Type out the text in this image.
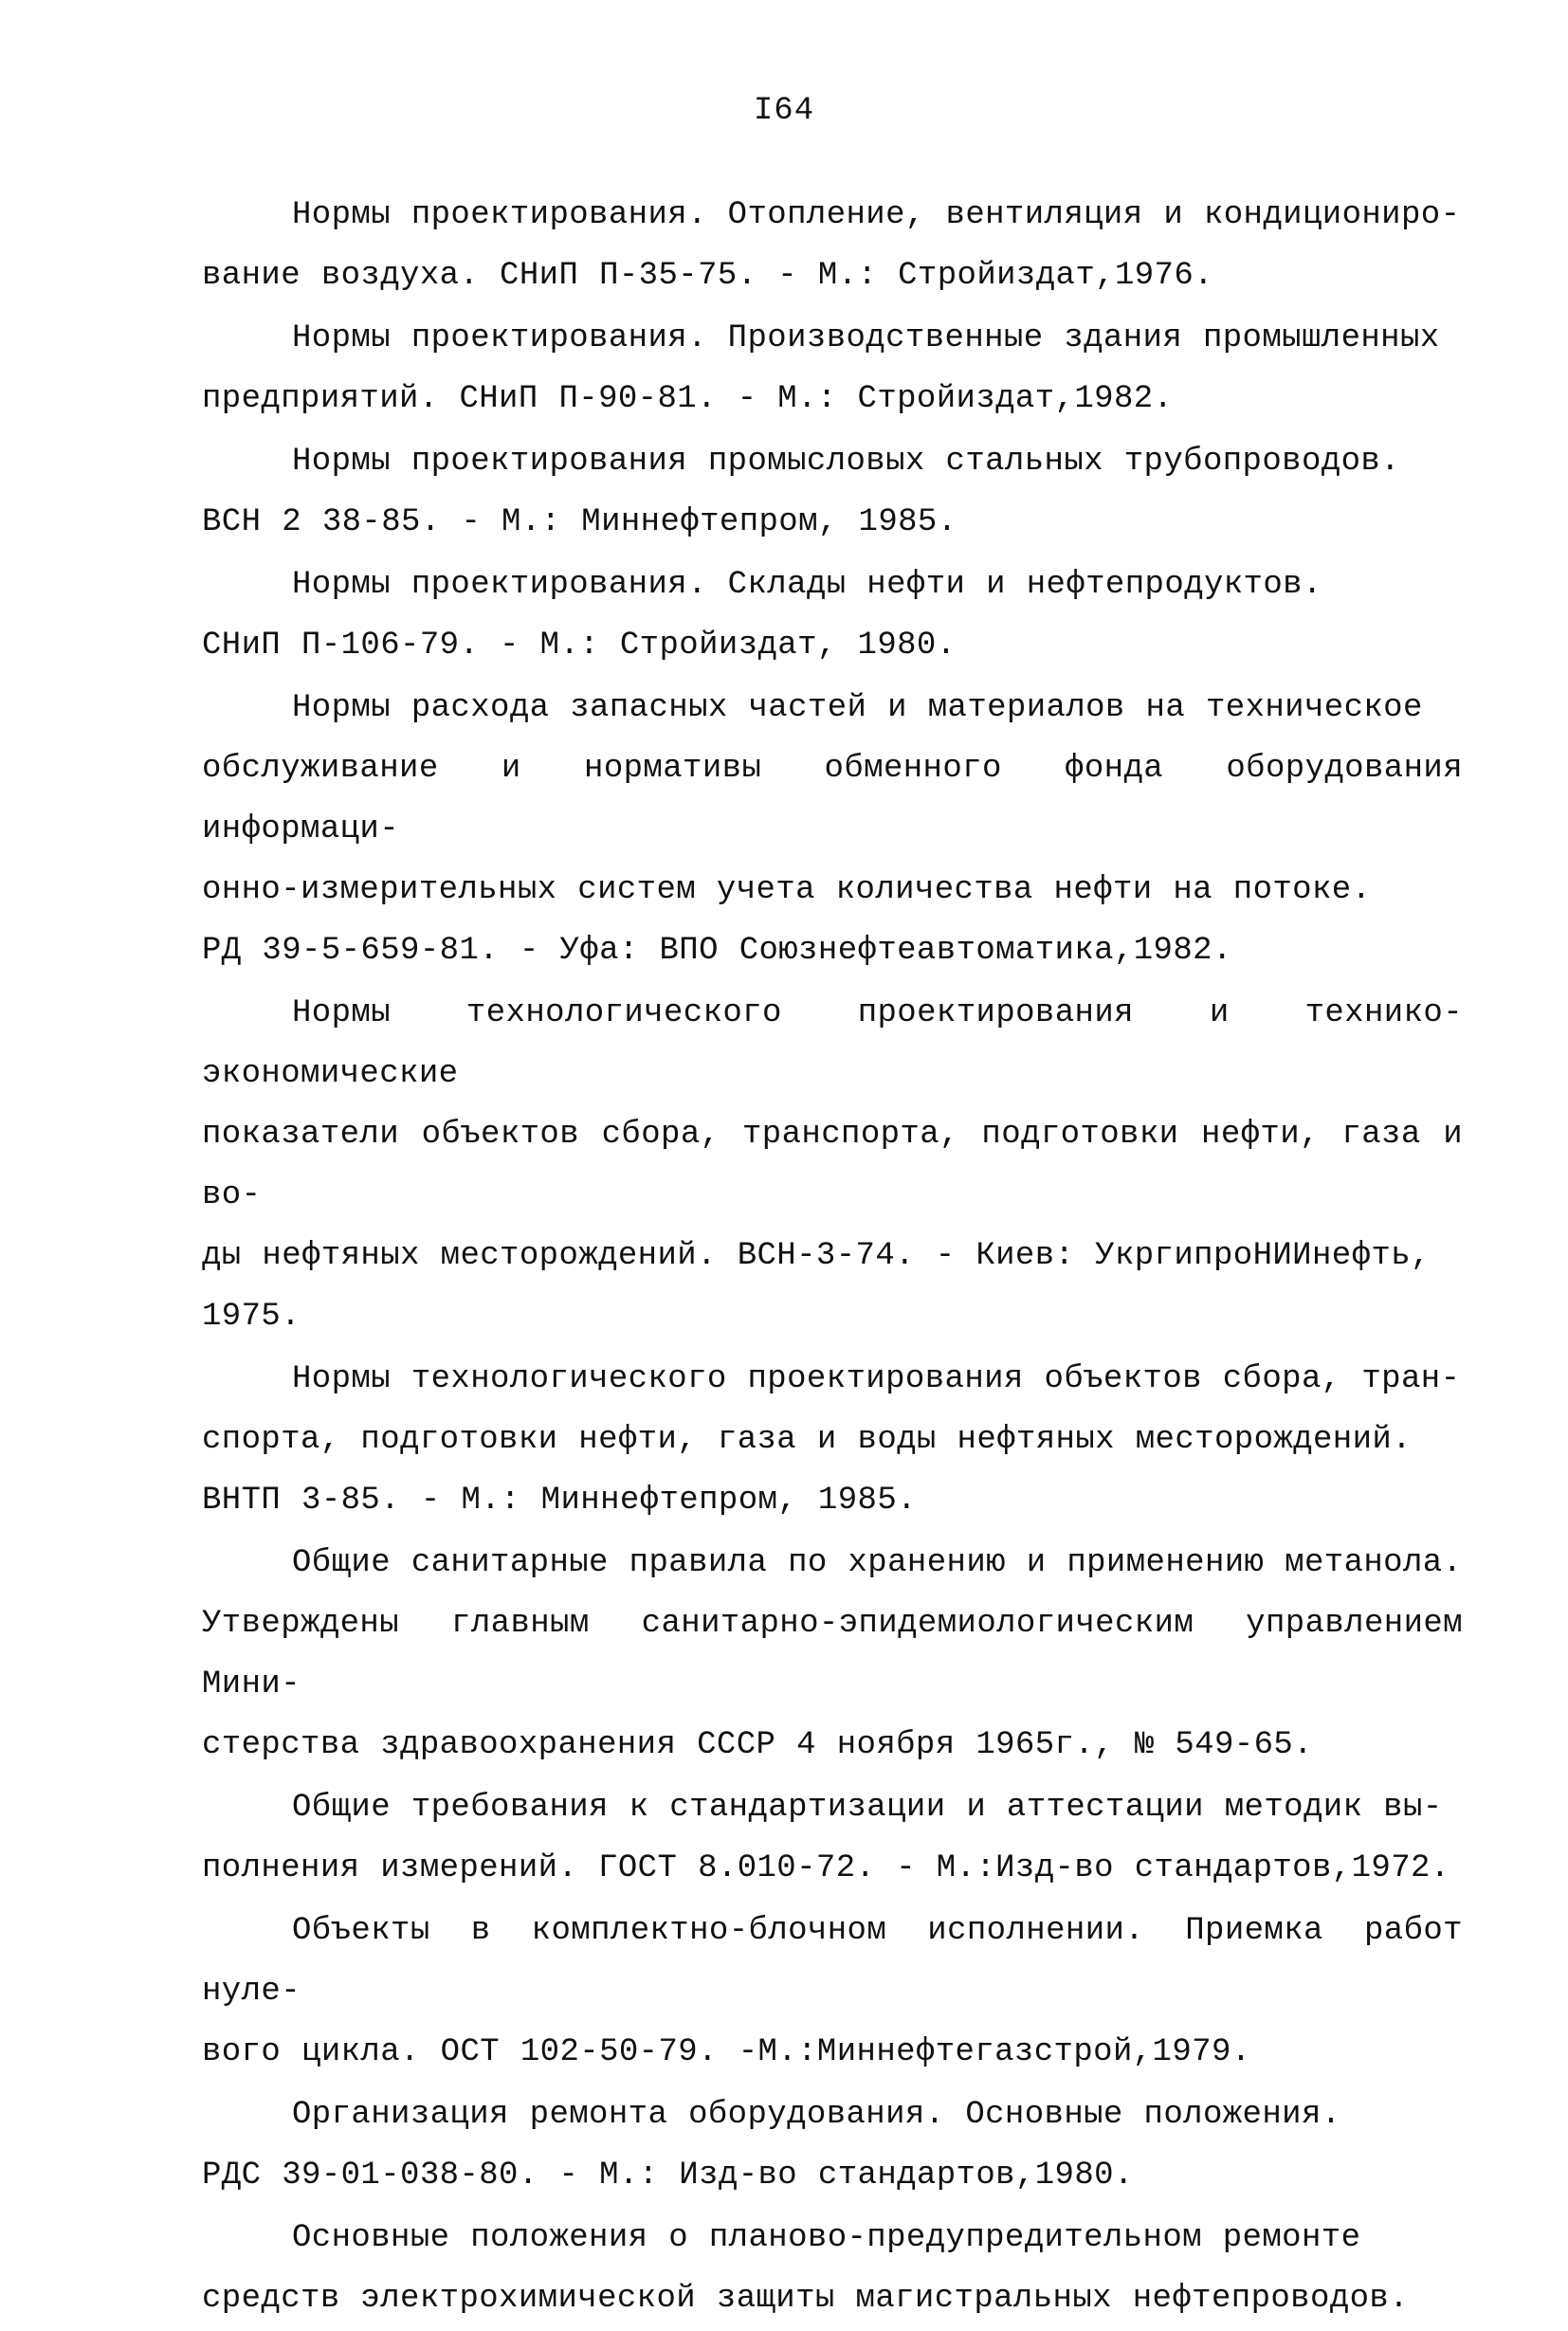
I64
Нормы проектирования. Отопление, вентиляция и кондициониро-
вание воздуха. СНиП П-35-75. - М.: Стройиздат,1976.
Нормы проектирования. Производственные здания промышленных
предприятий. СНиП П-90-81. - М.: Стройиздат,1982.
Нормы проектирования промысловых стальных трубопроводов.
ВСН 2 38-85. - М.: Миннефтепром, 1985.
Нормы проектирования. Склады нефти и нефтепродуктов.
СНиП П-106-79. - М.: Стройиздат, 1980.
Нормы расхода запасных частей и материалов на техническое
обслуживание и нормативы обменного фонда оборудования информаци-
онно-измерительных систем учета количества нефти на потоке.
РД 39-5-659-81. - Уфа: ВПО Союзнефтеавтоматика,1982.
Нормы технологического проектирования и технико-экономические
показатели объектов сбора, транспорта, подготовки нефти, газа и во-
ды нефтяных месторождений. ВСН-3-74. - Киев: УкргипроНИИнефть,
1975.
Нормы технологического проектирования объектов сбора, тран-
спорта, подготовки нефти, газа и воды нефтяных месторождений.
ВНТП 3-85. - М.: Миннефтепром, 1985.
Общие санитарные правила по хранению и применению метанола.
Утверждены главным санитарно-эпидемиологическим управлением Мини-
стерства здравоохранения СССР 4 ноября 1965г., № 549-65.
Общие требования к стандартизации и аттестации методик вы-
полнения измерений. ГОСТ 8.010-72. - М.:Изд-во стандартов,1972.
Объекты в комплектно-блочном исполнении. Приемка работ нуле-
вого цикла. ОСТ 102-50-79. -М.:Миннефтегазстрой,1979.
Организация ремонта оборудования. Основные положения.
РДС 39-01-038-80. - М.: Изд-во стандартов,1980.
Основные положения о планово-предупредительном ремонте
средств электрохимической защиты магистральных нефтепроводов.
